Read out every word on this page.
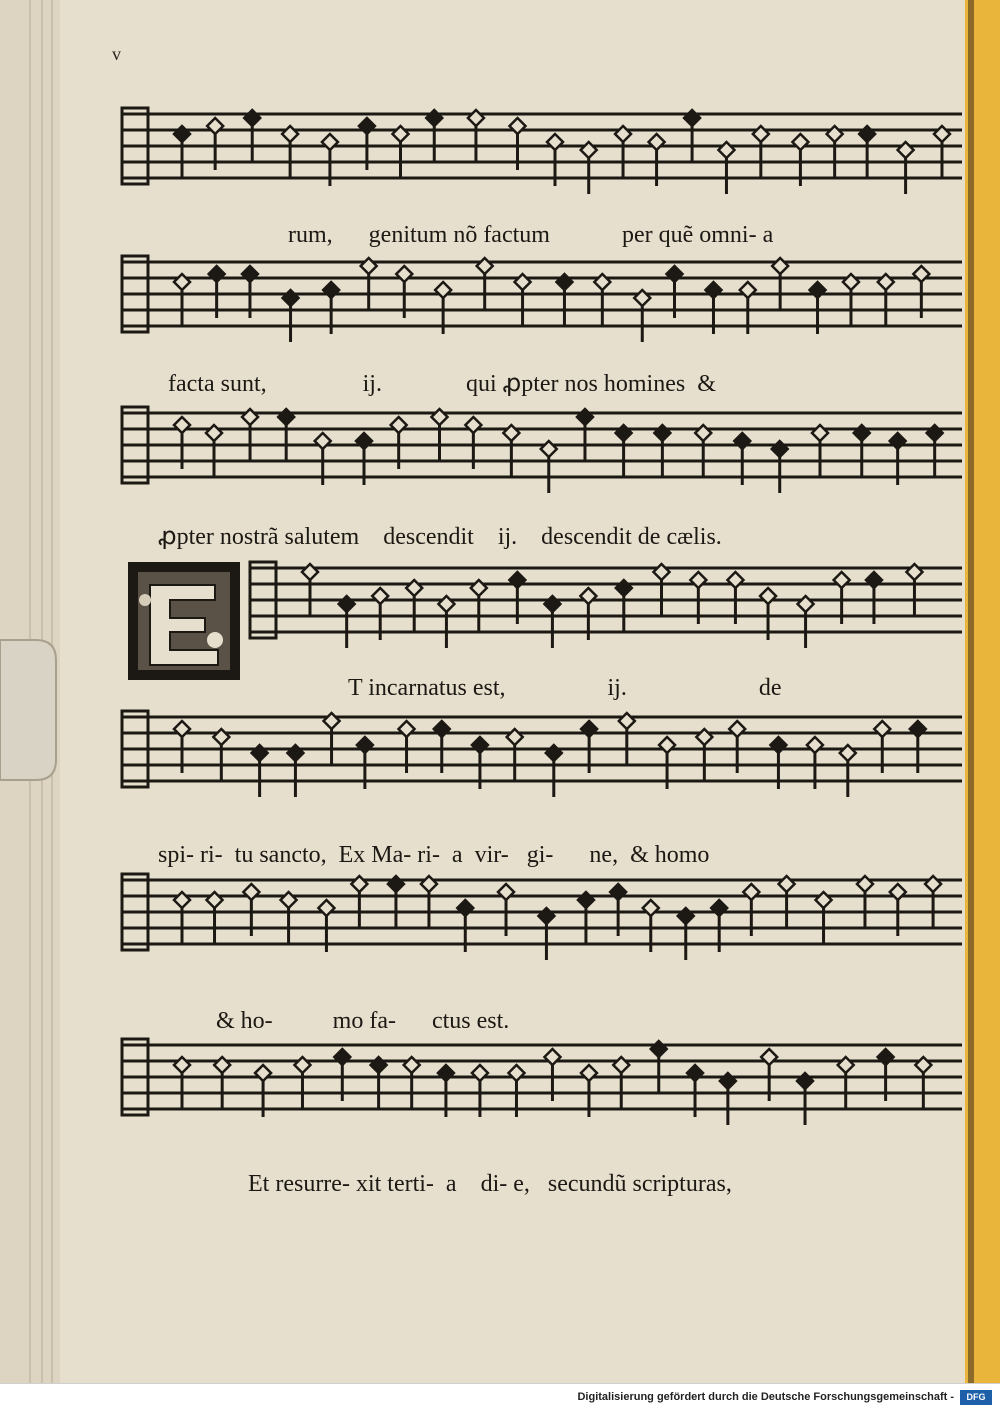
v
rum,      genitum nõ factum            per quẽ omni- a
facta sunt,                ij.              qui ꝓpter nos homines  &
ꝓpter nostrã salutem    descendit    ij.    descendit de cælis.
T incarnatus est,                 ij.                      de
spi- ri-  tu sancto,  Ex Ma- ri-  a  vir-   gi-      ne,  & homo
& ho-          mo fa-      ctus est.
Et resurre- xit terti-  a    di- e,   secundũ scripturas,
Digitalisierung gefördert durch die Deutsche Forschungsgemeinschaft -	DFG
